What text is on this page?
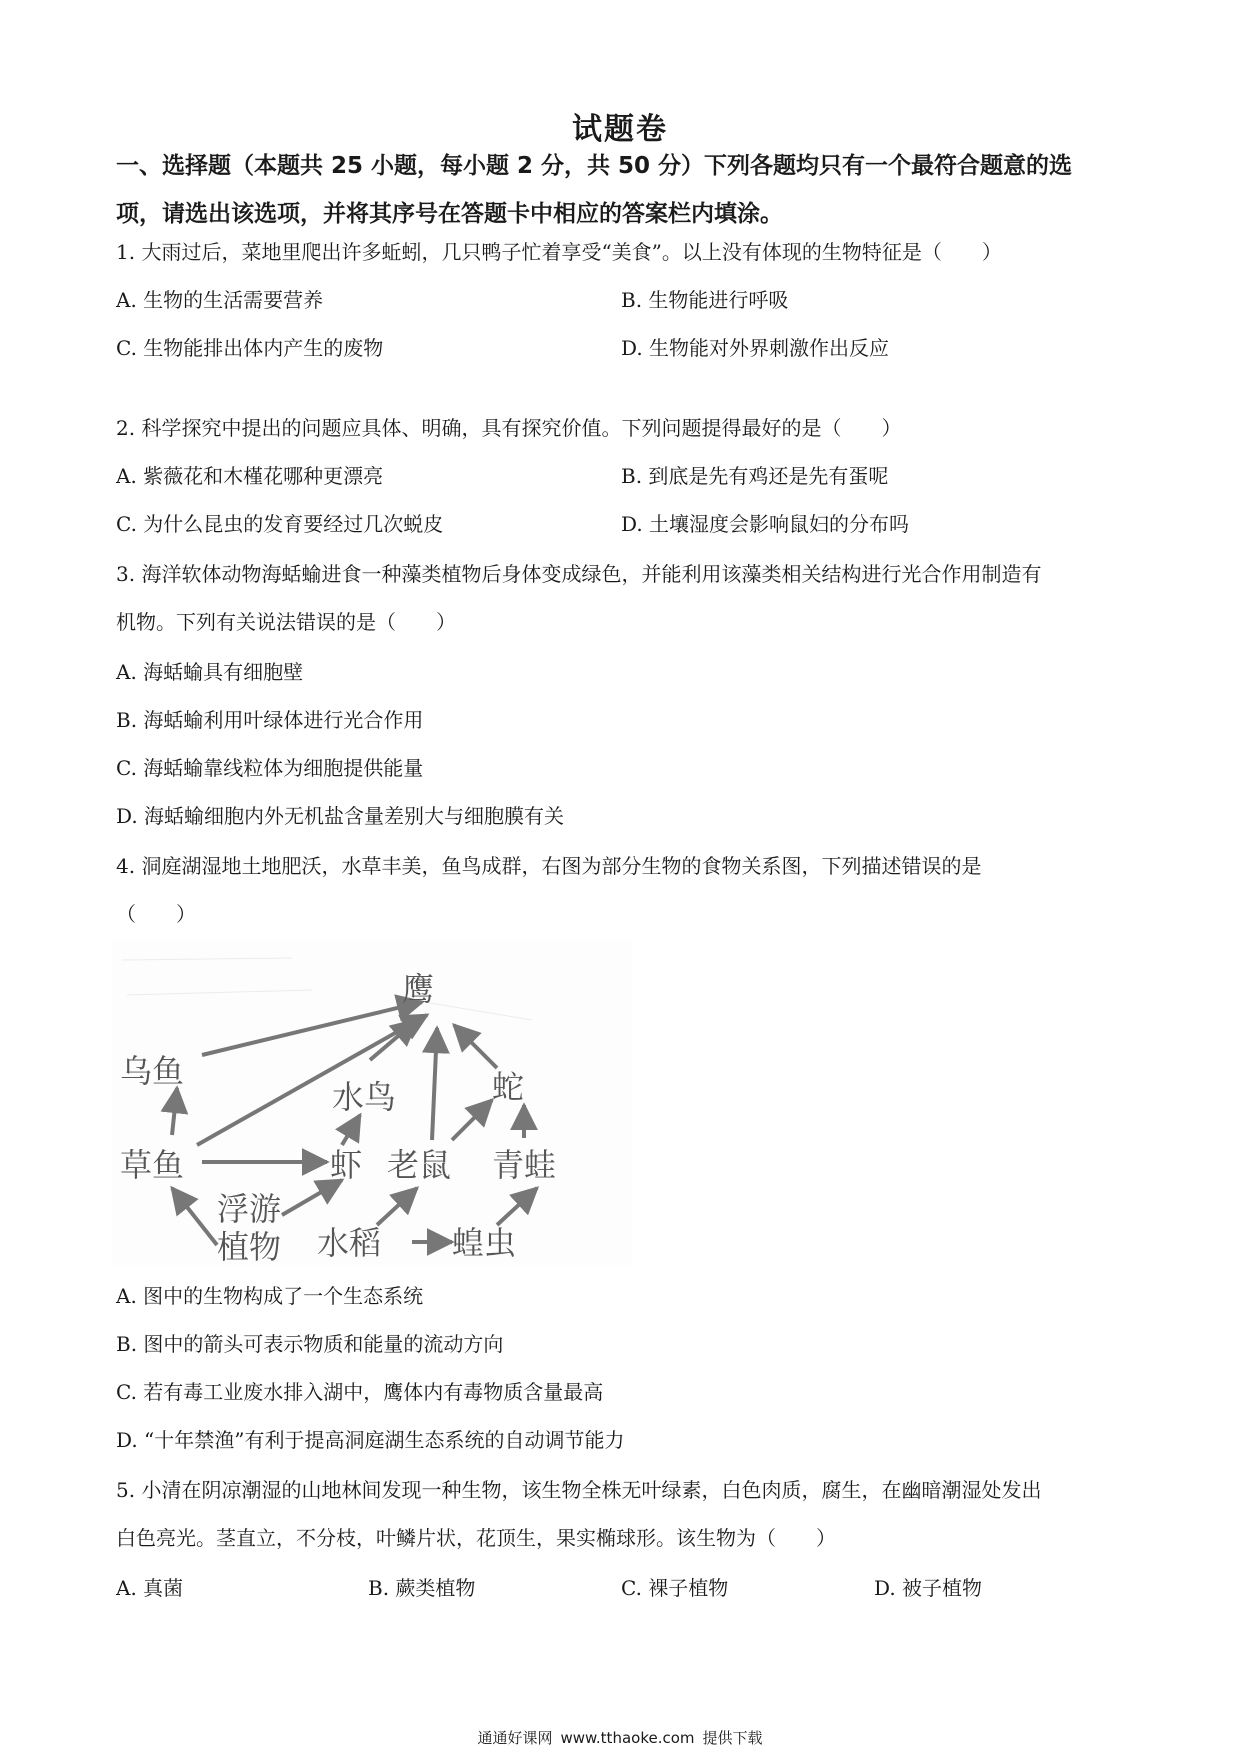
试题卷
一、选择题（本题共 25 小题，每小题 2 分，共 50 分）下列各题均只有一个最符合题意的选
项，请选出该选项，并将其序号在答题卡中相应的答案栏内填涂。
1. 大雨过后，菜地里爬出许多蚯蚓，几只鸭子忙着享受“美食”。以上没有体现的生物特征是（　　）
A. 生物的生活需要营养	B. 生物能进行呼吸
C. 生物能排出体内产生的废物	D. 生物能对外界刺激作出反应
2. 科学探究中提出的问题应具体、明确，具有探究价值。下列问题提得最好的是（　　）
A. 紫薇花和木槿花哪种更漂亮	B. 到底是先有鸡还是先有蛋呢
C. 为什么昆虫的发育要经过几次蜕皮	D. 土壤湿度会影响鼠妇的分布吗
3. 海洋软体动物海蛞蝓进食一种藻类植物后身体变成绿色，并能利用该藻类相关结构进行光合作用制造有
机物。下列有关说法错误的是（　　）
A. 海蛞蝓具有细胞壁
B. 海蛞蝓利用叶绿体进行光合作用
C. 海蛞蝓靠线粒体为细胞提供能量
D. 海蛞蝓细胞内外无机盐含量差别大与细胞膜有关
4. 洞庭湖湿地土地肥沃，水草丰美，鱼鸟成群，右图为部分生物的食物关系图，下列描述错误的是
（　　）
鹰
乌鱼
水鸟	蛇
草鱼	虾 老鼠 青蛙
浮游
植物 水稻 蝗虫
A. 图中的生物构成了一个生态系统
B. 图中的箭头可表示物质和能量的流动方向
C. 若有毒工业废水排入湖中，鹰体内有毒物质含量最高
D. “十年禁渔”有利于提高洞庭湖生态系统的自动调节能力
5. 小清在阴凉潮湿的山地林间发现一种生物，该生物全株无叶绿素，白色肉质，腐生，在幽暗潮湿处发出
白色亮光。茎直立，不分枝，叶鳞片状，花顶生，果实椭球形。该生物为（　　）
A. 真菌	B. 蕨类植物	C. 裸子植物	D. 被子植物
通通好课网 www.tthaoke.com 提供下载
